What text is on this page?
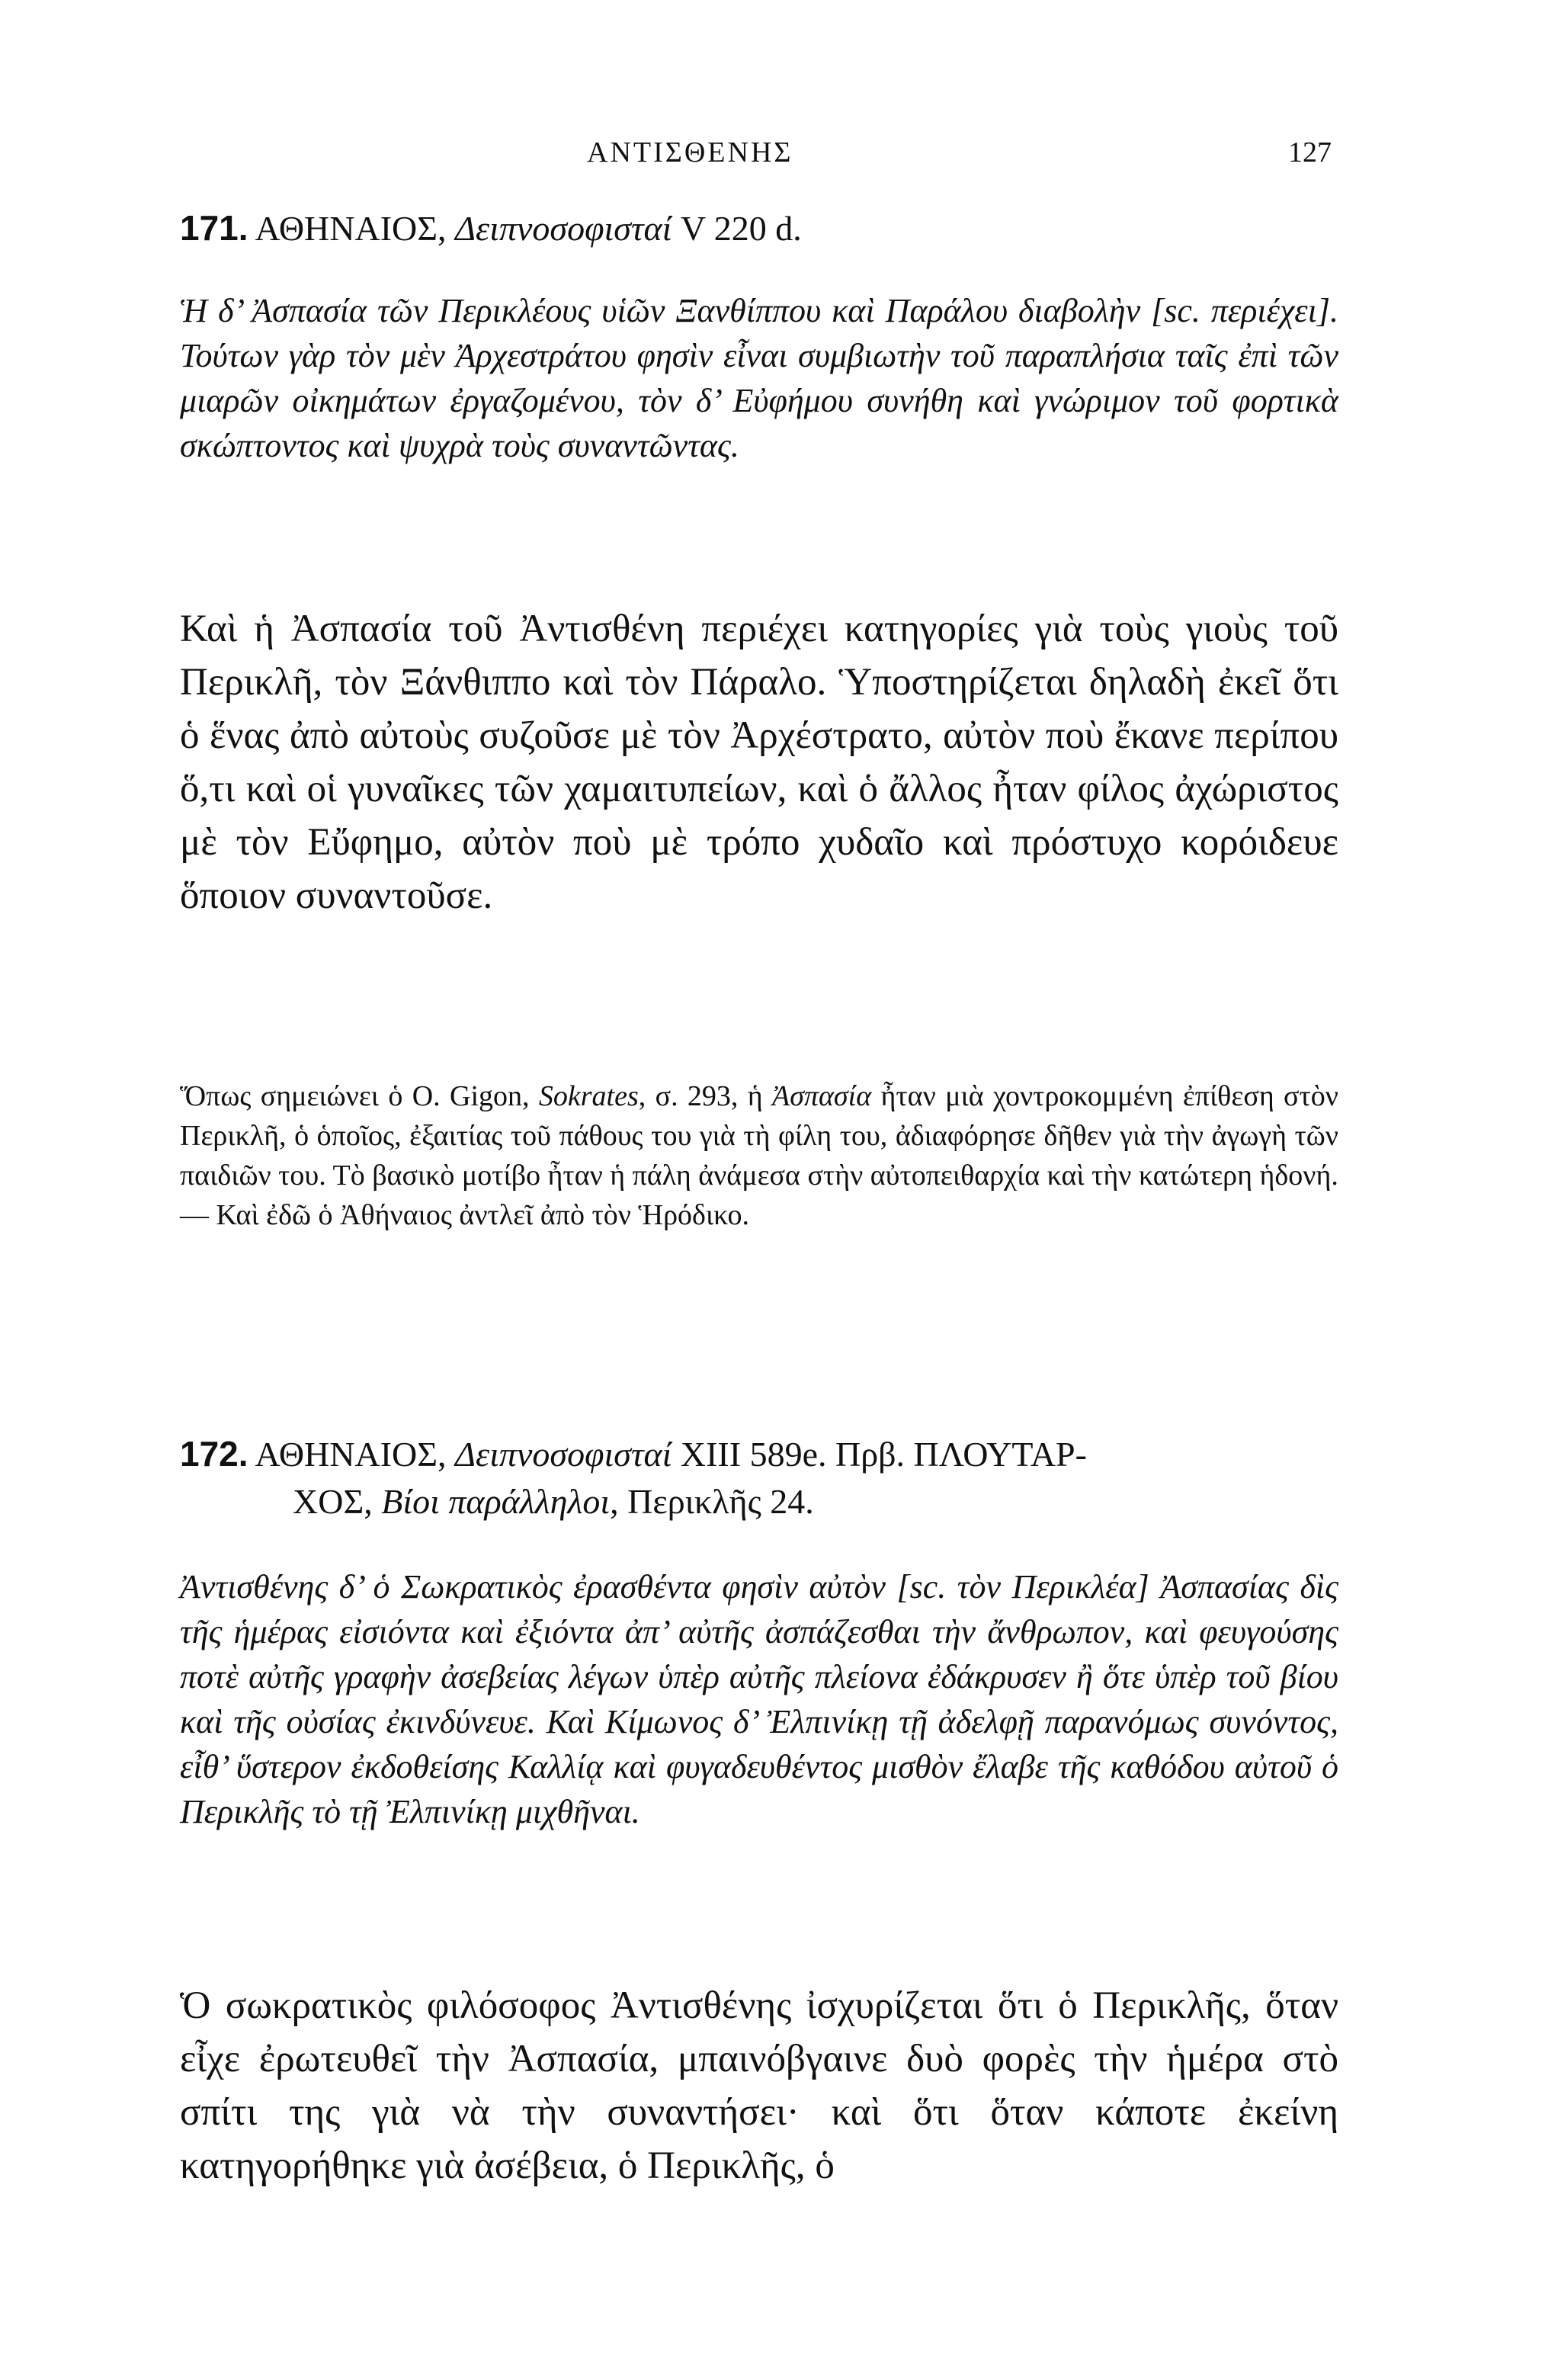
ΑΝΤΙΣΘΕΝΗΣ	127
171. ΑΘΗΝΑΙΟΣ, Δειπνοσοφισταί V 220 d.
Ἡ δ’ Ἀσπασία τῶν Περικλέους υἱῶν Ξανθίππου καὶ Παράλου διαβολὴν [sc. περιέχει]. Τούτων γὰρ τὸν μὲν Ἀρχεστράτου φησὶν εἶναι συμβιωτὴν τοῦ παραπλήσια ταῖς ἐπὶ τῶν μιαρῶν οἰκημάτων ἐργαζομένου, τὸν δ’ Εὐφήμου συνήθη καὶ γνώριμον τοῦ φορτικὰ σκώπτοντος καὶ ψυχρὰ τοὺς συναντῶντας.
Καὶ ἡ Ἀσπασία τοῦ Ἀντισθένη περιέχει κατηγορίες γιὰ τοὺς γιοὺς τοῦ Περικλῆ, τὸν Ξάνθιππο καὶ τὸν Πάραλο. Ὑποστηρίζεται δηλαδὴ ἐκεῖ ὅτι ὁ ἕνας ἀπὸ αὐτοὺς συζοῦσε μὲ τὸν Ἀρχέστρατο, αὐτὸν ποὺ ἔκανε περίπου ὅ,τι καὶ οἱ γυναῖκες τῶν χαμαιτυπείων, καὶ ὁ ἄλλος ἦταν φίλος ἀχώριστος μὲ τὸν Εὔφημο, αὐτὸν ποὺ μὲ τρόπο χυδαῖο καὶ πρόστυχο κορόιδευε ὅποιον συναντοῦσε.
Ὅπως σημειώνει ὁ O. Gigon, Sokrates, σ. 293, ἡ Ἀσπασία ἦταν μιὰ χοντροκομμένη ἐπίθεση στὸν Περικλῆ, ὁ ὁποῖος, ἐξαιτίας τοῦ πάθους του γιὰ τὴ φίλη του, ἀδιαφόρησε δῆθεν γιὰ τὴν ἀγωγὴ τῶν παιδιῶν του. Τὸ βασικὸ μοτίβο ἦταν ἡ πάλη ἀνάμεσα στὴν αὐτοπειθαρχία καὶ τὴν κατώτερη ἡδονή.
— Καὶ ἐδῶ ὁ Ἀθήναιος ἀντλεῖ ἀπὸ τὸν Ἡρόδικο.
172. ΑΘΗΝΑΙΟΣ, Δειπνοσοφισταί XIII 589e. Πρβ. ΠΛΟΥΤΑΡ-
ΧΟΣ, Βίοι παράλληλοι, Περικλῆς 24.
Ἀντισθένης δ’ ὁ Σωκρατικὸς ἐρασθέντα φησὶν αὐτὸν [sc. τὸν Περικλέα] Ἀσπασίας δὶς τῆς ἡμέρας εἰσιόντα καὶ ἐξιόντα ἀπ’ αὐτῆς ἀσπάζεσθαι τὴν ἄνθρωπον, καὶ φευγούσης ποτὲ αὐτῆς γραφὴν ἀσεβείας λέγων ὑπὲρ αὐτῆς πλείονα ἐδάκρυσεν ἢ ὅτε ὑπὲρ τοῦ βίου καὶ τῆς οὐσίας ἐκινδύνευε. Καὶ Κίμωνος δ’ Ἐλπινίκῃ τῇ ἀδελφῇ παρανόμως συνόντος, εἶθ’ ὕστερον ἐκδοθείσης Καλλίᾳ καὶ φυγαδευθέντος μισθὸν ἔλαβε τῆς καθόδου αὐτοῦ ὁ Περικλῆς τὸ τῇ Ἐλπινίκῃ μιχθῆναι.
Ὁ σωκρατικὸς φιλόσοφος Ἀντισθένης ἰσχυρίζεται ὅτι ὁ Περικλῆς, ὅταν εἶχε ἐρωτευθεῖ τὴν Ἀσπασία, μπαινόβγαινε δυὸ φορὲς τὴν ἡμέρα στὸ σπίτι της γιὰ νὰ τὴν συναντήσει· καὶ ὅτι ὅταν κάποτε ἐκείνη κατηγορήθηκε γιὰ ἀσέβεια, ὁ Περικλῆς, ὁ
